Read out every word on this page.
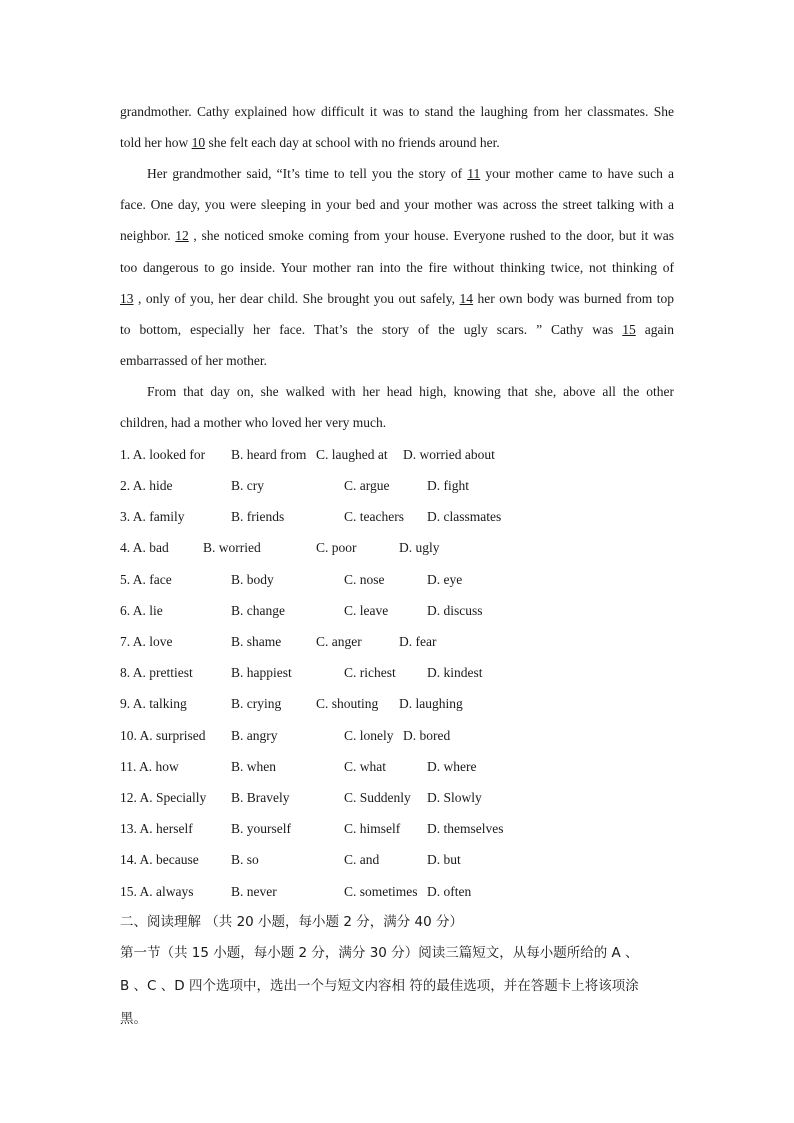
grandmother. Cathy explained how difficult it was to stand the laughing from her classmates. She
told her how 10 she felt each day at school with no friends around her.
Her grandmother said, “It’s time to tell you the story of 11 your mother came to have such a
face. One day, you were sleeping in your bed and your mother was across the street talking with a
neighbor. 12 , she noticed smoke coming from your house. Everyone rushed to the door, but it was
too dangerous to go inside. Your mother ran into the fire without thinking twice, not thinking of
13 , only of you, her dear child. She brought you out safely, 14 her own body was burned from top
to bottom, especially her face. That’s the story of the ugly scars. ” Cathy was 15 again
embarrassed of her mother.
From that day on, she walked with her head high, knowing that she, above all the other
children, had a mother who loved her very much.
1. A. looked for B. heard from C. laughed at D. worried about
2. A. hide	B. cry	C. argue	D. fight
3. A. family	B. friends	C. teachers D. classmates
4. A. bad	B. worried	C. poor	D. ugly
5. A. face	B. body	C. nose	D. eye
6. A. lie	B. change	C. leave	D. discuss
7. A. love	B. shame	C. anger	D. fear
8. A. prettiest	B. happiest	C. richest D. kindest
9. A. talking	B. crying	C. shouting D. laughing
10. A. surprised B. angry	C. lonely D. bored
11. A. how	B. when	C. what	D. where
12. A. Specially B. Bravely	C. Suddenly D. Slowly
13. A. herself	B. yourself	C. himself D. themselves
14. A. because B. so	C. and	D. but
15. A. always	B. never	C. sometimes D. often
二、阅读理解 （共 20 小题，每小题 2 分，满分 40 分）
第一节（共 15 小题，每小题 2 分，满分 30 分）阅读三篇短文，从每小题所给的 A 、
B 、C 、D 四个选项中，选出一个与短文内容相 符的最佳选项，并在答题卡上将该项涂
黑。
